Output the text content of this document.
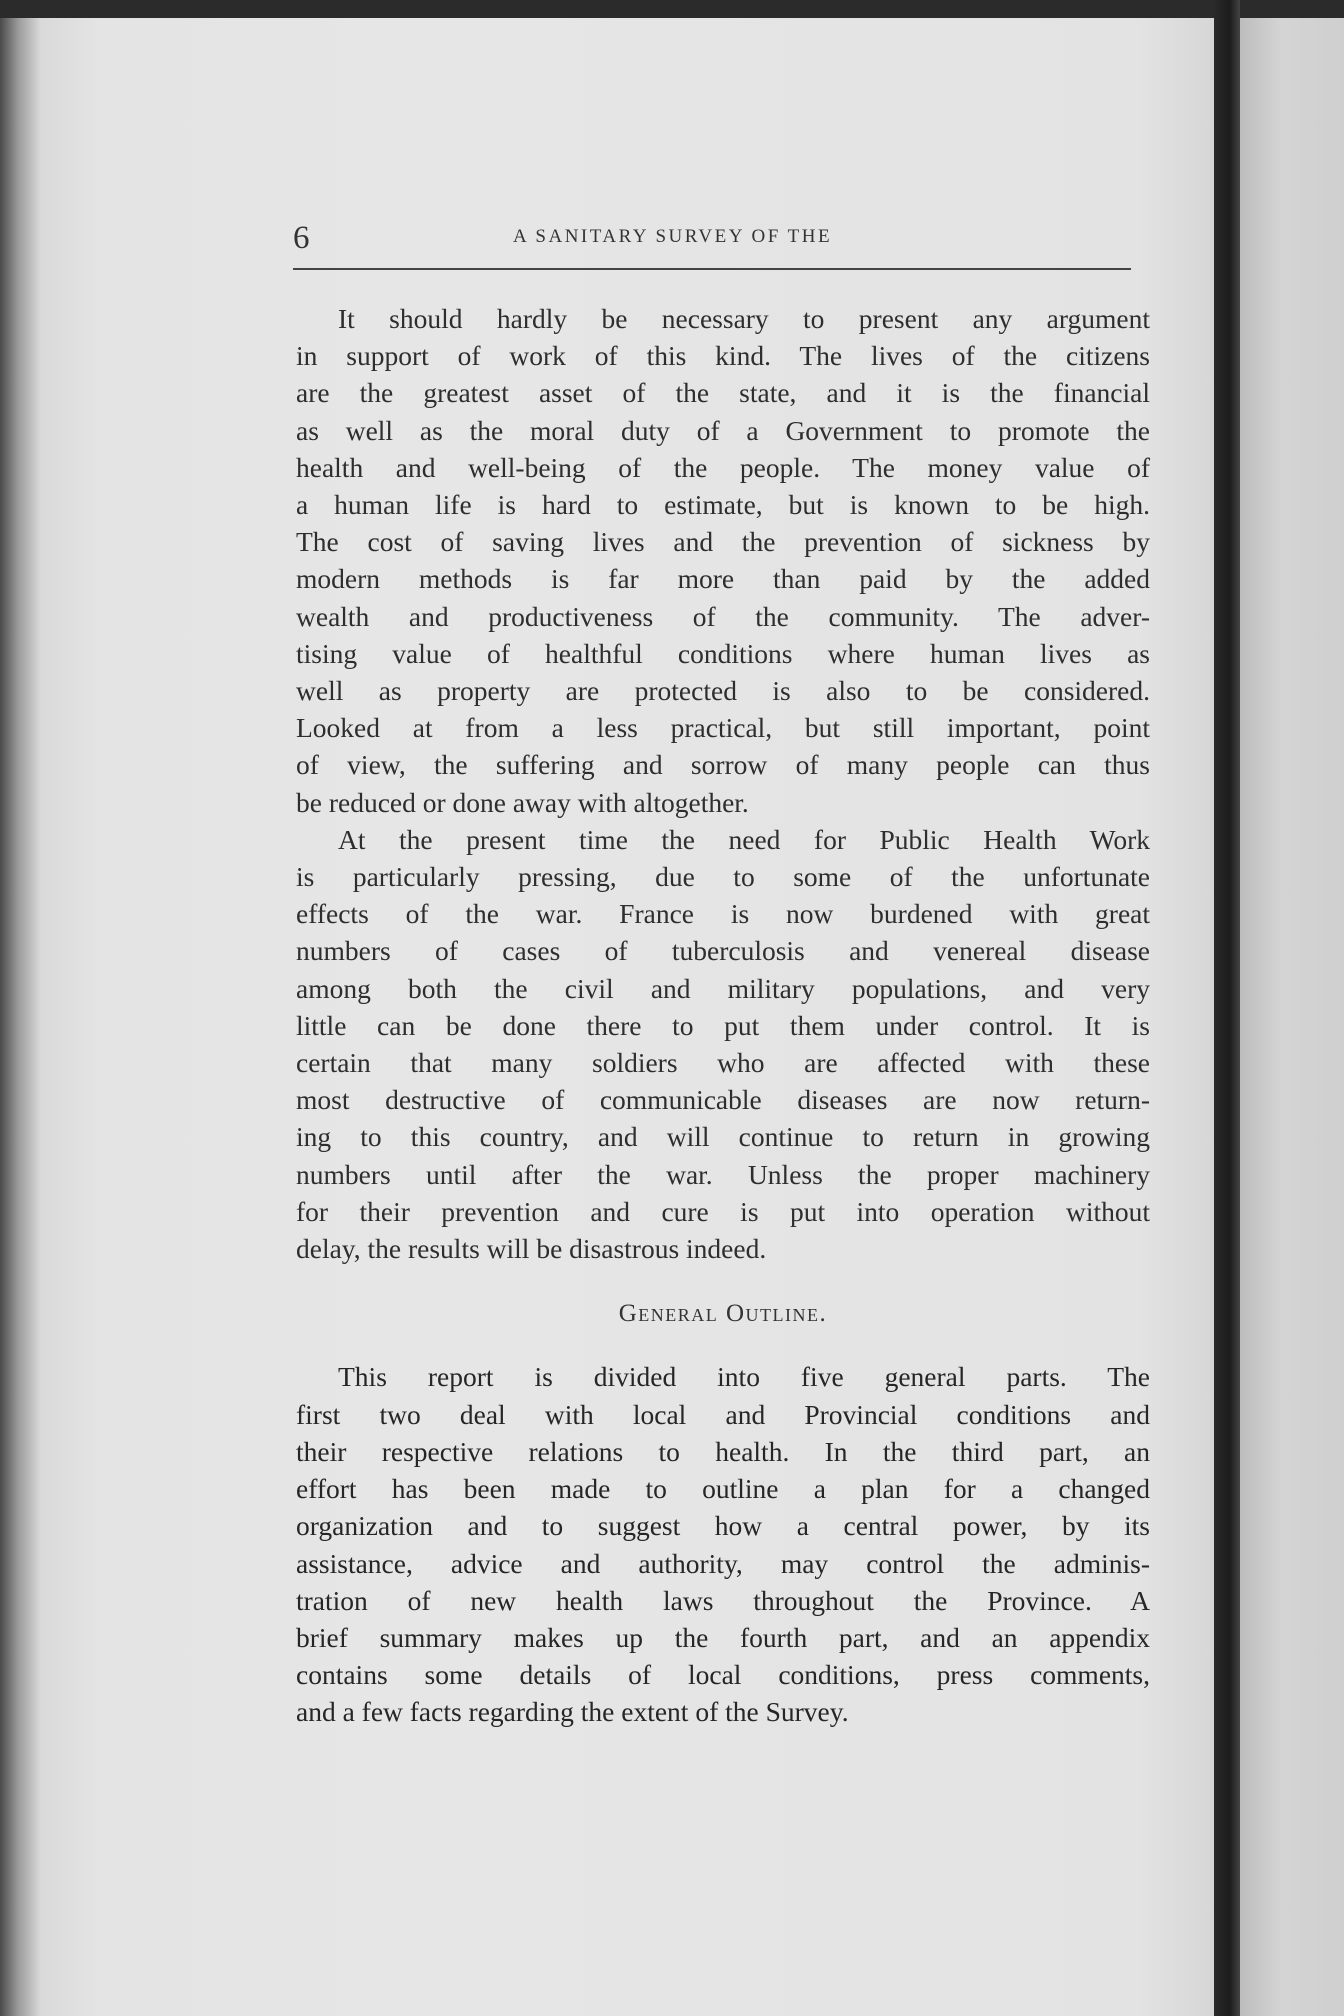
6	A SANITARY SURVEY OF THE

It should hardly be necessary to present any argument
in support of work of this kind. The lives of the citizens
are the greatest asset of the state, and it is the financial
as well as the moral duty of a Government to promote the
health and well-being of the people. The money value of
a human life is hard to estimate, but is known to be high.
The cost of saving lives and the prevention of sickness by
modern methods is far more than paid by the added
wealth and productiveness of the community. The adver-
tising value of healthful conditions where human lives as
well as property are protected is also to be considered.
Looked at from a less practical, but still important, point
of view, the suffering and sorrow of many people can thus
be reduced or done away with altogether.

At the present time the need for Public Health Work
is particularly pressing, due to some of the unfortunate
effects of the war. France is now burdened with great
numbers of cases of tuberculosis and venereal disease
among both the civil and military populations, and very
little can be done there to put them under control. It is
certain that many soldiers who are affected with these
most destructive of communicable diseases are now return-
ing to this country, and will continue to return in growing
numbers until after the war. Unless the proper machinery
for their prevention and cure is put into operation without
delay, the results will be disastrous indeed.

General Outline.

This report is divided into five general parts. The
first two deal with local and Provincial conditions and
their respective relations to health. In the third part, an
effort has been made to outline a plan for a changed
organization and to suggest how a central power, by its
assistance, advice and authority, may control the adminis-
tration of new health laws throughout the Province. A
brief summary makes up the fourth part, and an appendix
contains some details of local conditions, press comments,
and a few facts regarding the extent of the Survey.
